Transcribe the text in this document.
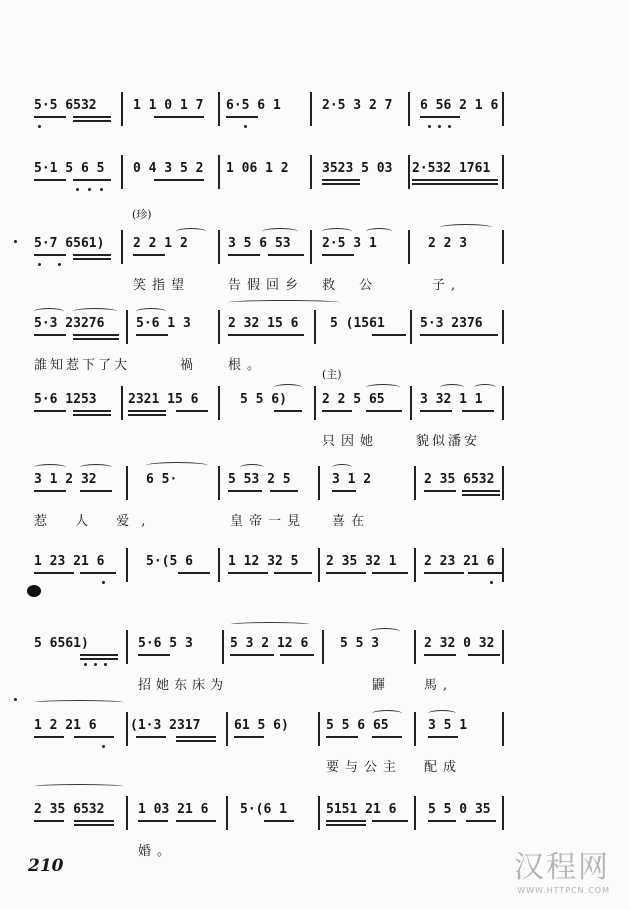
5·5 6532	1 1 0 1 7 6·5 6 1	2·5 3 2 7 6 56 2 1 6
5·1 5 6 5 0 4 3 5 2 1 06 1 2	3523 5 03 2·532 1761
(珍)
5·7 6561) 2 2 1 2	3 5 6 53 2·5 3 1	2 2 3
笑指望	告假回乡 救 公	子,
5·3 23276 5·6 1 3	2 32 15 6 5 (1561	5·3 2376
誰知惹下了大	禍 根。
(主)
5·6 1253 2321 15 6	5 5 6)	2 2 5 65	3 32 1 1
只因她	貌似潘安
3 1 2 32	6 5·	5 53 2 5	3 1 2	2 35 6532
惹 人 爱,	皇帝一見 喜在
1 23 21 6	5·(5 6	1 12 32 5 2 35 32 1 2 23 21 6
5 6561)	5·6 5 3	5 3 2 12 6 5 5 3	2 32 0 32
招她东床为	鼲	馬,
1 2 21 6	(1·3 2317	61 5 6)	5 5 6 65	3 5 1
要与公主 配成
2 35 6532	1 03 21 6 5·(6 1	5151 21 6 5 5 0 35
婚。
210	汉程网
WWW.HTTPCN.COM
